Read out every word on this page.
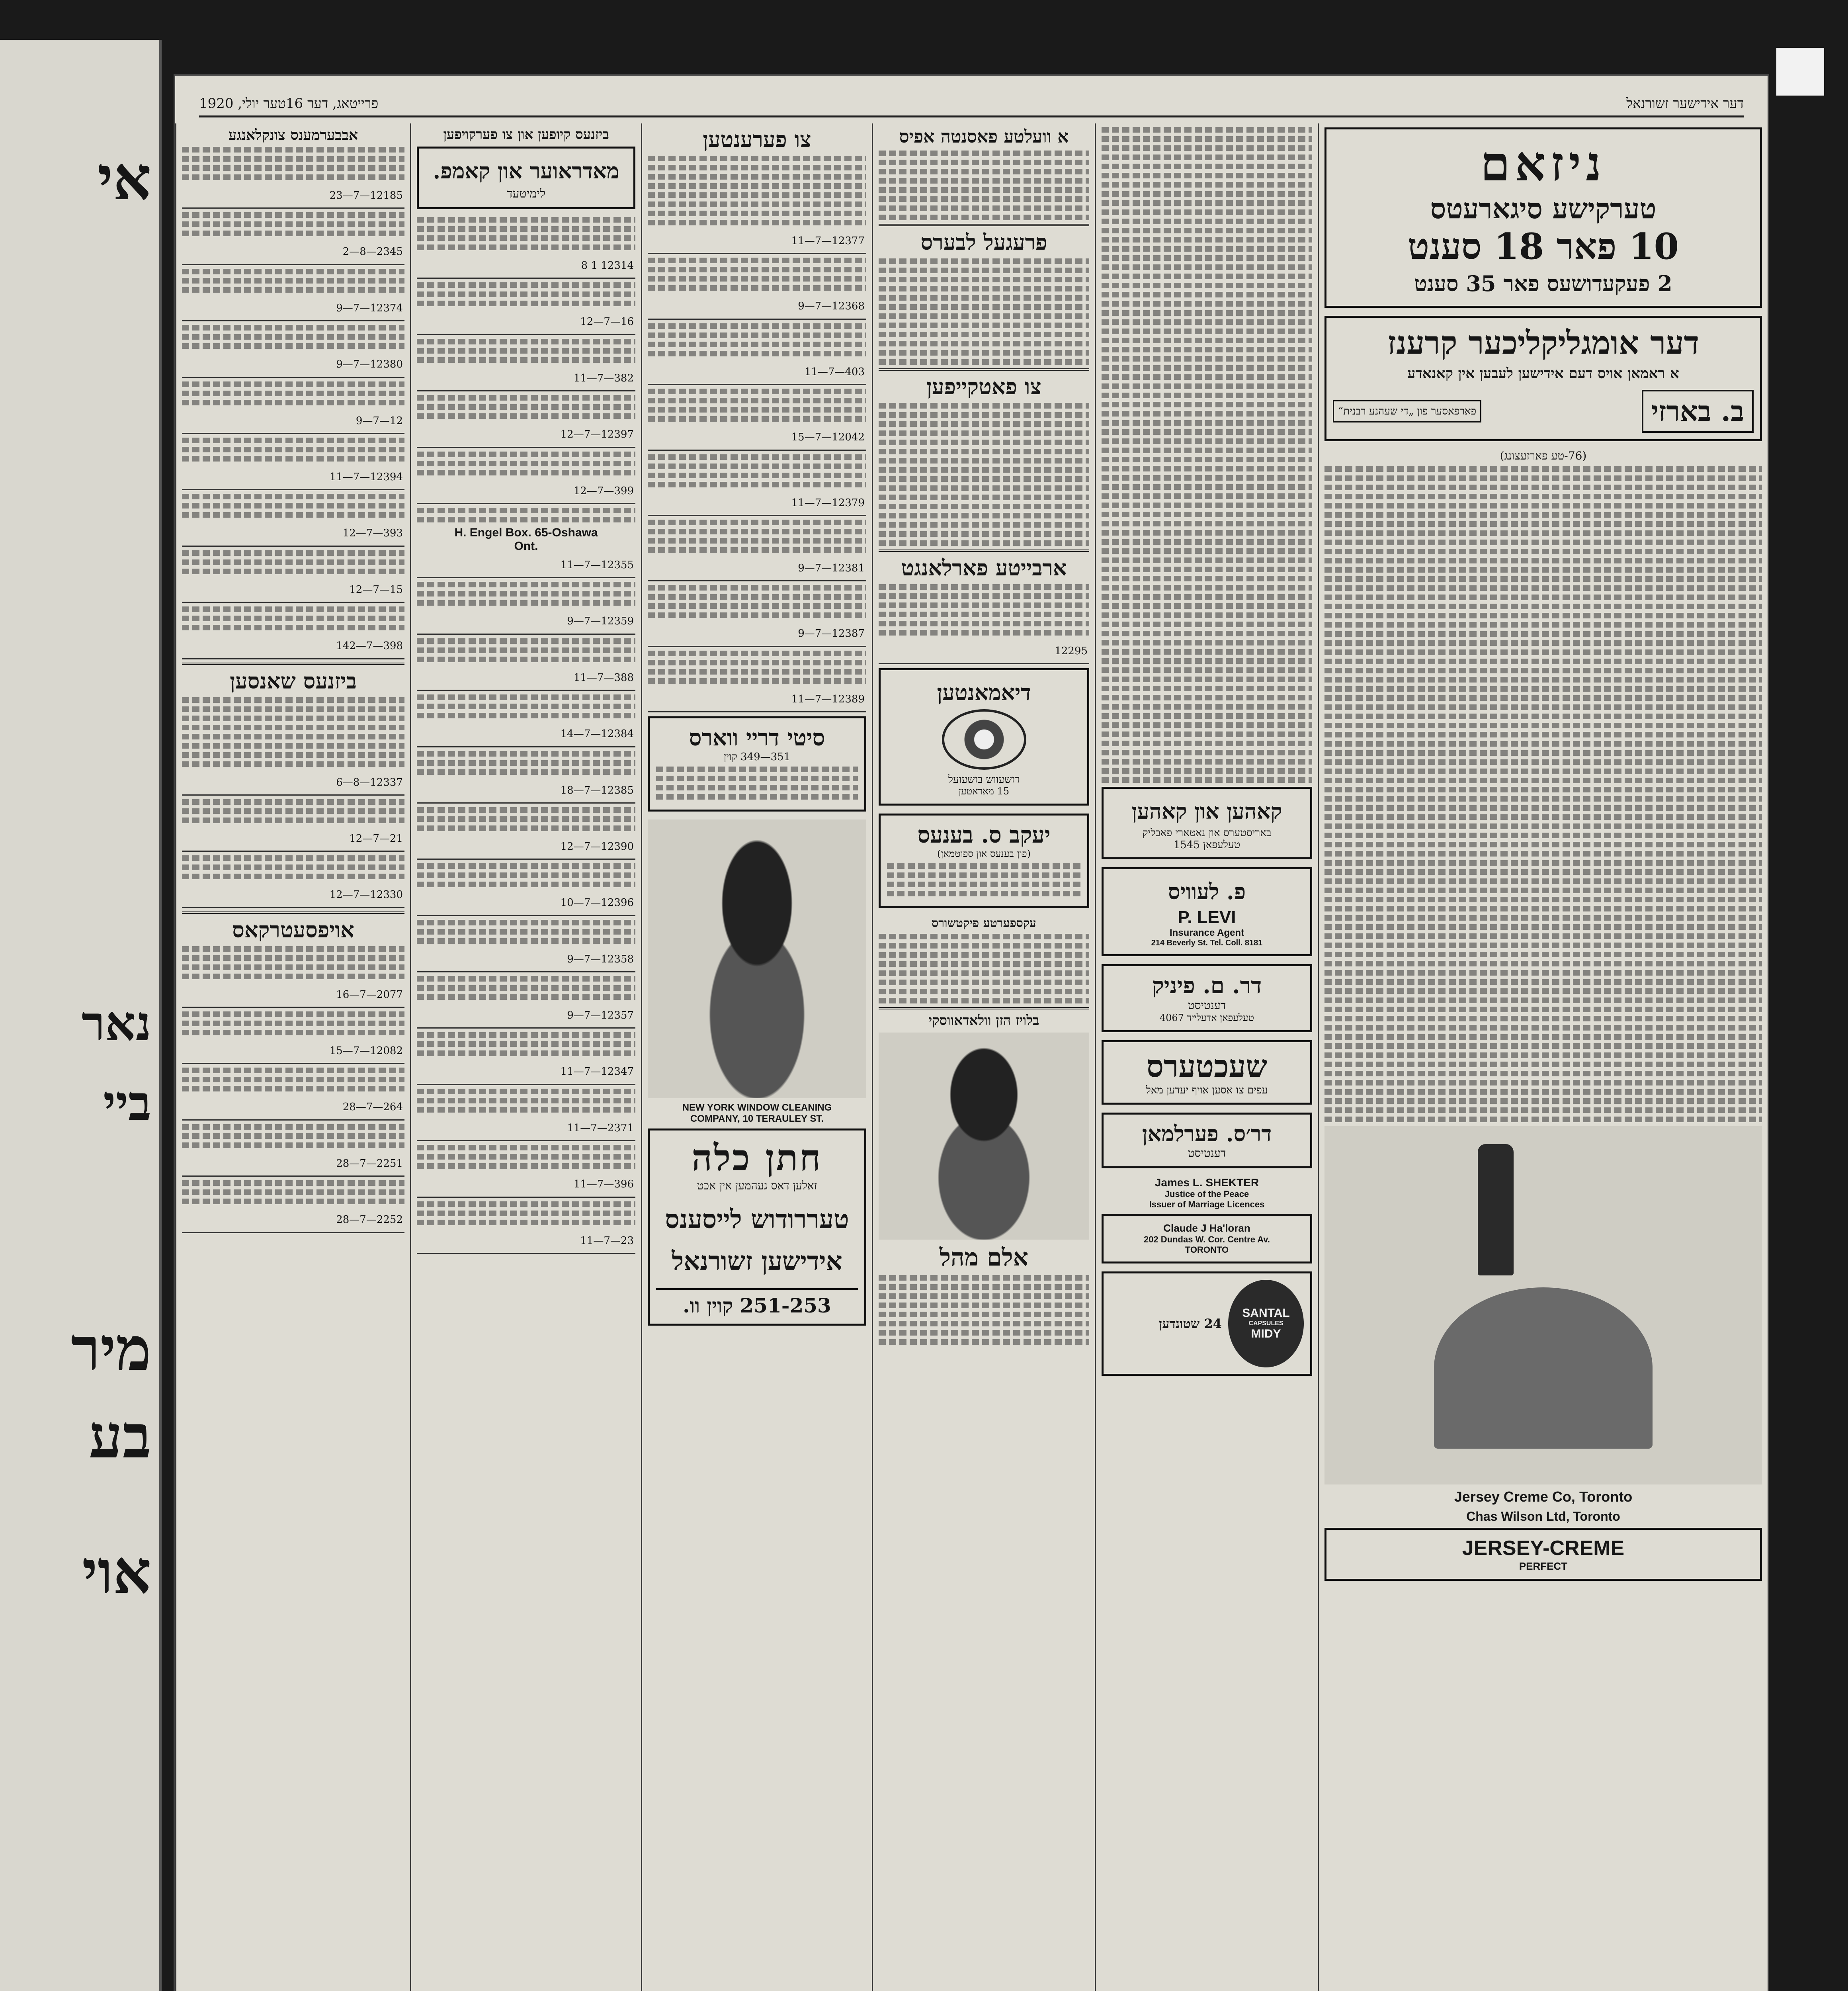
אי
נאר
ביי
מיר
בע
אוי
דער אידישער זשורנאל
פרייטאג, דער 16טער יולי, 1920
ניזאם
טערקישע סיגארעטס
10 פאר 18 סענט
2 פעקעדושעס פאר 35 סענט
דער אומגליקליכער קרענז
א ראמאן אויס דעם אידישען לעבען אין קאנאדע
ב. בארזי
פארפאסער פון „די שעהנע רבנית“
(76-טע פארזעצונג)
Jersey Creme Co, Toronto
Chas Wilson Ltd, Toronto
JERSEY-CREME
PERFECT
קאהען און קאהען
באריסטערס און נאטארי פאבליק
טעלעפאן 1545
פ. לעוויס
P. LEVI
Insurance Agent
214 Beverly St. Tel. Coll. 8181
דר. ם. פיניק
דענטיסט
טעלעפאן אדעלייד 4067
שעכטערס
עפים צו אסען אויף יעדען מאל
דר׳ס. פערלמאן
דענטיסט
James L. SHEKTER
Justice of the Peace
Issuer of Marriage Licences
Claude J Ha'loran
202 Dundas W. Cor. Centre Av.
TORONTO
SANTAL
CAPSULES
MIDY
24 שטונדען
א וועלטע פאסנטה אפיס
פרעגעל לבערס
צו פאטקייפען
ארבייטע פארלאנגט
12295
דיאמאנטען
דזשעווש בזשעועל
15 מאראטען
יעקב ס. בענעס
(פון בענעס און ספוטמאן)
עקספערטע פיקטשורס
בלויז הזן וולאדאווסקי
אלם מהל
צו פערענטען
12377—7—11
12368—7—9
403—7—11
12042—7—15
12379—7—11
12381—7—9
12387—7—9
12389—7—11
סיטי דריי ווארס
351—349 קוין
NEW YORK WINDOW CLEANING
COMPANY, 10 TERAULEY ST.
חתן כלה
זאלען דאס געהמען אין אכט
טעררודוש לייסענס
אידישען זשורנאל
251-253 קוין וו.
ביזנעס קיופען און צו פערקויפען
מאדראוער און קאמפ.
לימיטעד
12314 1 8
16—7—12
382—7—11
12397—7—12
399—7—12
H. Engel Box. 65-Oshawa
Ont.
12355—7—11
12359—7—9
388—7—11
12384—7—14
12385—7—18
12390—7—12
12396—7—10
12358—7—9
12357—7—9
12347—7—11
2371—7—11
396—7—11
23—7—11
אבבערמענס צונקלאנגע
12185—7—23
2345—8—2
12374—7—9
12380—7—9
12—7—9
12394—7—11
393—7—12
15—7—12
398—7—142
ביזנעס שאנסען
12337—8—6
21—7—12
12330—7—12
אויפסעטרקאס
2077—7—16
12082—7—15
264—7—28
2251—7—28
2252—7—28
